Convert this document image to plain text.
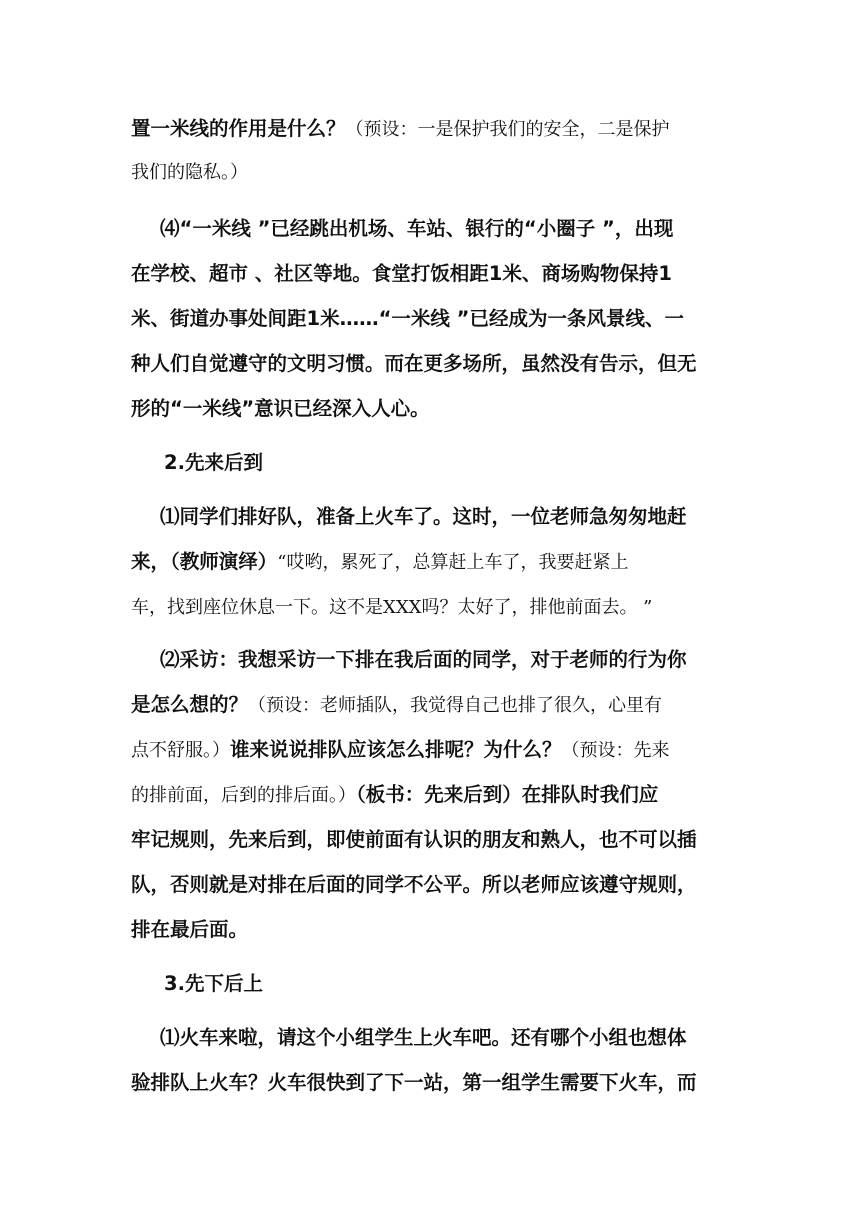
置一米线的作用是什么？（预设：一是保护我们的安全，二是保护
我们的隐私。）
⑷“一米线 ”已经跳出机场、车站、银行的“小圈子 ”，出现
在学校、超市 、社区等地。食堂打饭相距1米、商场购物保持1
米、街道办事处间距1米……“一米线 ”已经成为一条风景线、一
种人们自觉遵守的文明习惯。而在更多场所，虽然没有告示，但无
形的“一米线”意识已经深入人心。
2.先来后到
⑴同学们排好队，准备上火车了。这时，一位老师急匆匆地赶
来，（教师演绎）“哎哟，累死了，总算赶上车了，我要赶紧上
车，找到座位休息一下。这不是XXX吗？太好了，排他前面去。 ”
⑵采访：我想采访一下排在我后面的同学，对于老师的行为你
是怎么想的？（预设：老师插队，我觉得自己也排了很久，心里有
点不舒服。）谁来说说排队应该怎么排呢？为什么？（预设：先来
的排前面，后到的排后面。）（板书：先来后到）在排队时我们应
牢记规则，先来后到，即使前面有认识的朋友和熟人，也不可以插
队，否则就是对排在后面的同学不公平。所以老师应该遵守规则，
排在最后面。
3.先下后上
⑴火车来啦，请这个小组学生上火车吧。还有哪个小组也想体
验排队上火车？火车很快到了下一站，第一组学生需要下火车，而
